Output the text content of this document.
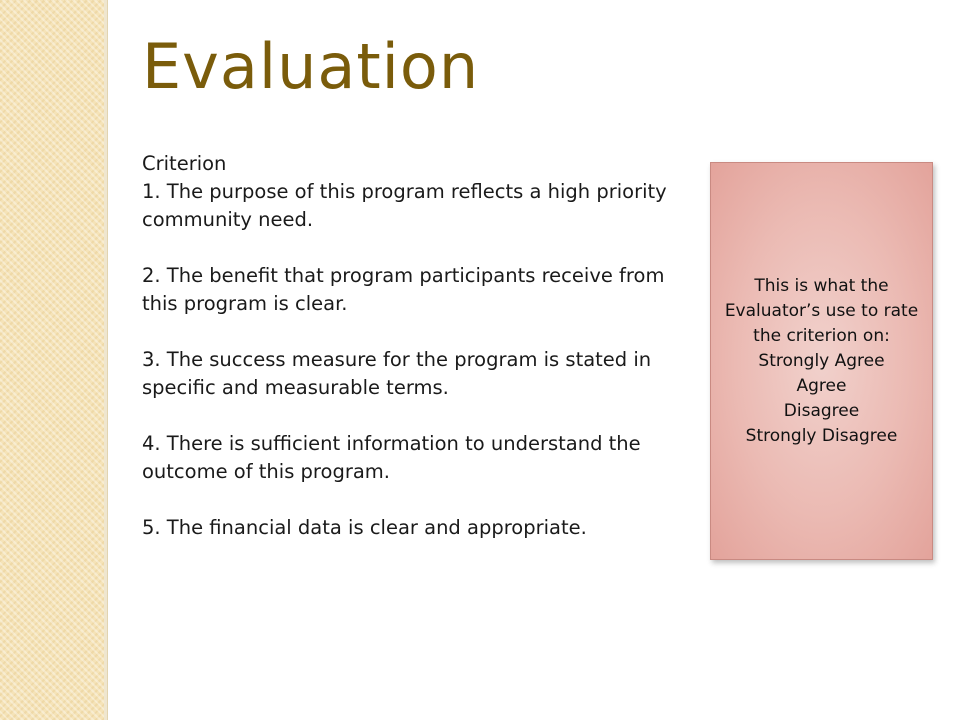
Evaluation

Criterion

1. The purpose of this program reflects a high priority community need.

2. The benefit that program participants receive from this program is clear.

3. The success measure for the program is stated in specific and measurable terms.

4. There is sufficient information to understand the outcome of this program.

5. The financial data is clear and appropriate.

This is what the Evaluator’s use to rate the criterion on:
Strongly Agree
Agree
Disagree
Strongly Disagree
